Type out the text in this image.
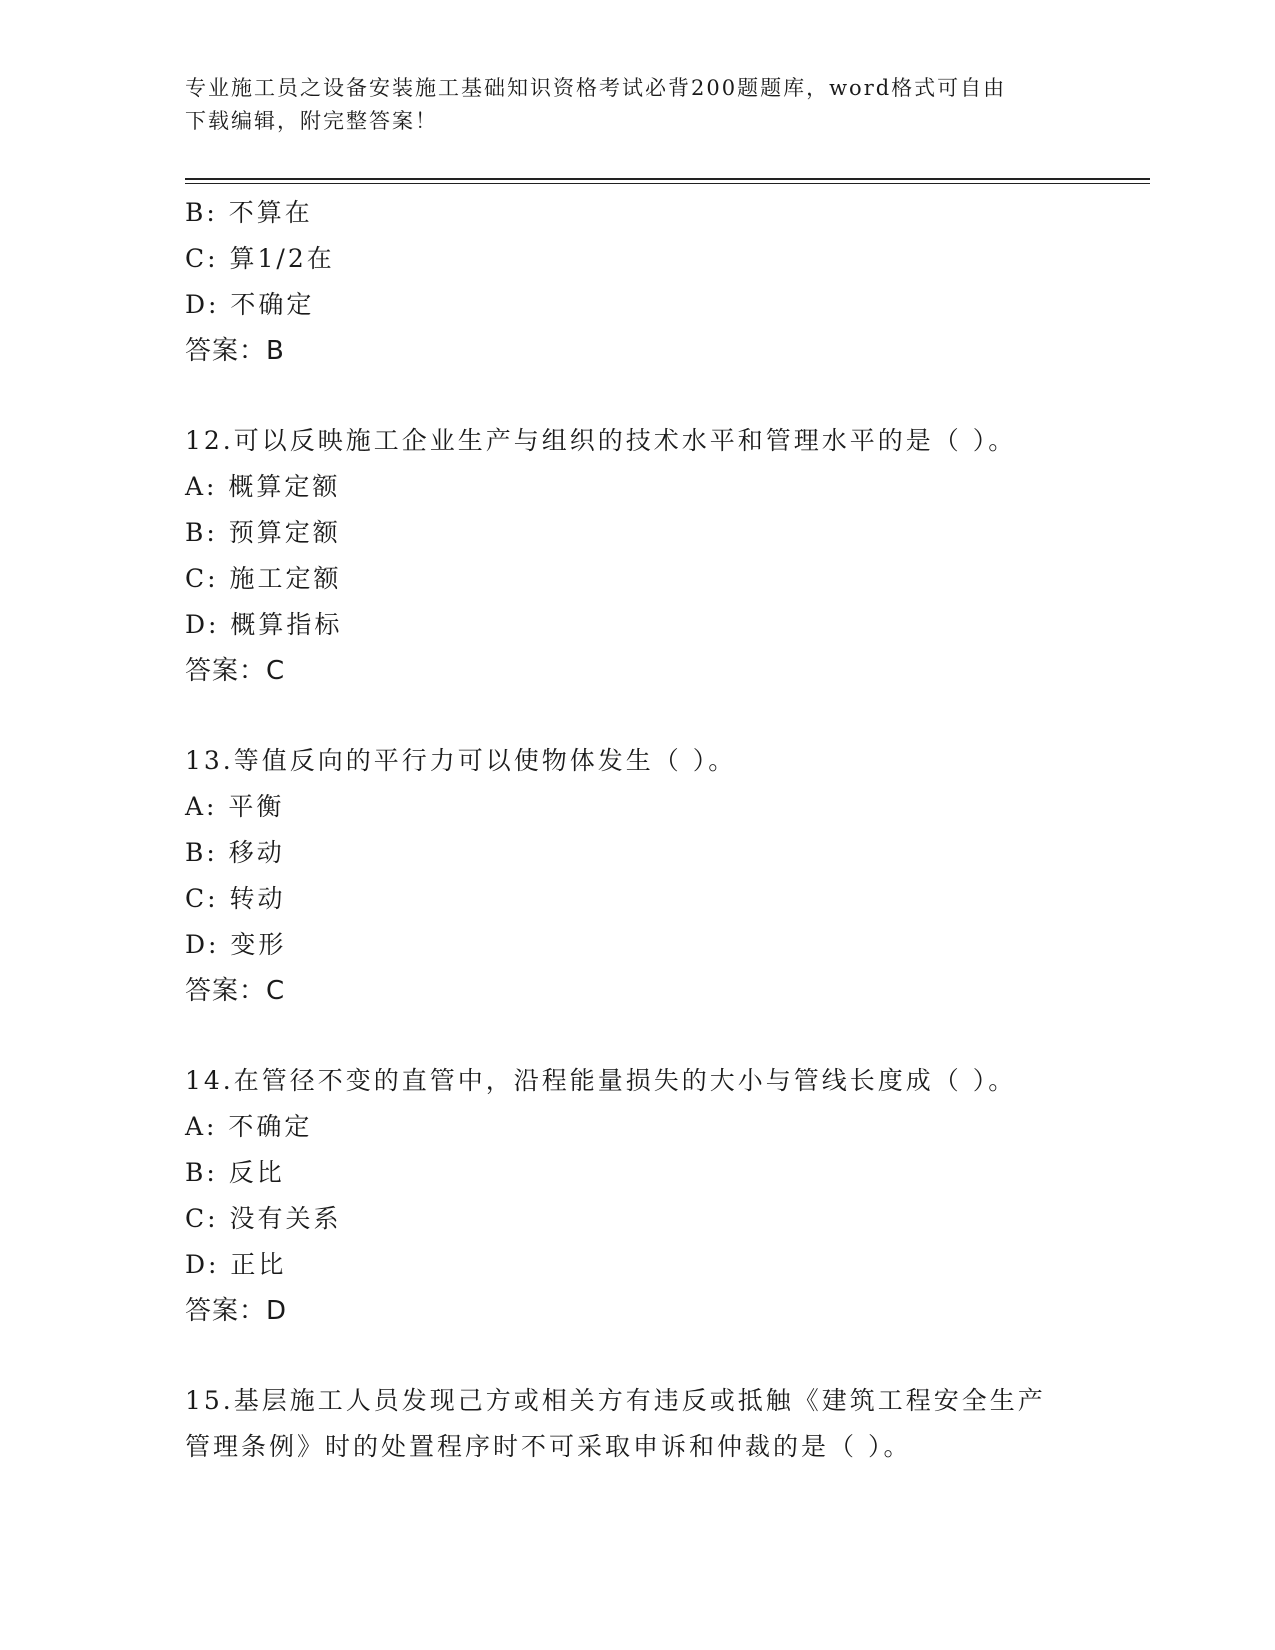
专业施工员之设备安装施工基础知识资格考试必背200题题库，word格式可自由
下载编辑，附完整答案！
B: 不算在
C: 算1/2在
D: 不确定
答案：B
12.可以反映施工企业生产与组织的技术水平和管理水平的是（ ）。
A: 概算定额
B: 预算定额
C: 施工定额
D: 概算指标
答案：C
13.等值反向的平行力可以使物体发生（ ）。
A: 平衡
B: 移动
C: 转动
D: 变形
答案：C
14.在管径不变的直管中，沿程能量损失的大小与管线长度成（ ）。
A: 不确定
B: 反比
C: 没有关系
D: 正比
答案：D
15.基层施工人员发现己方或相关方有违反或抵触《建筑工程安全生产管理条例》时的处置程序时不可采取申诉和仲裁的是（ ）。
